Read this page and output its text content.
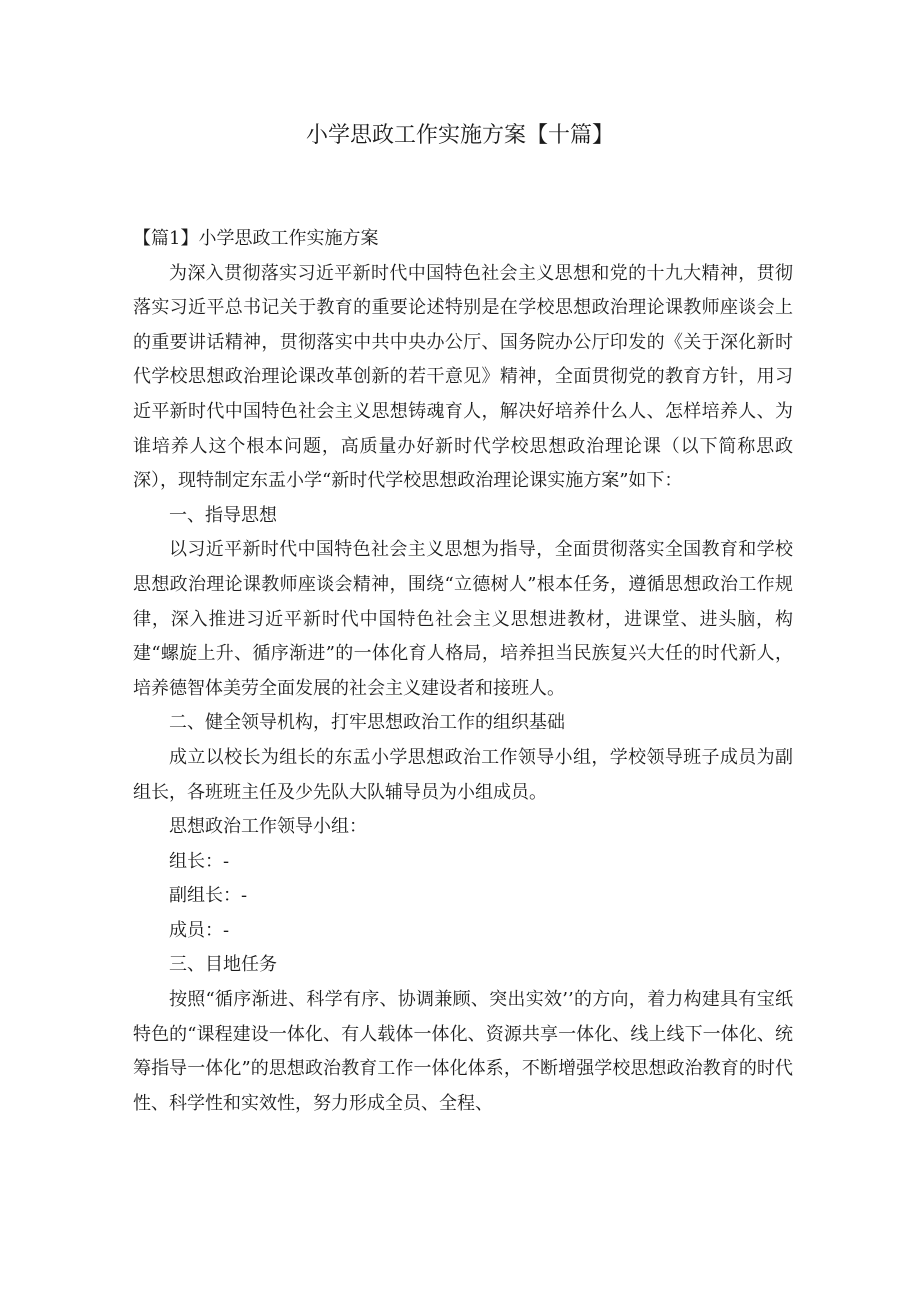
小学思政工作实施方案【十篇】

【篇1】小学思政工作实施方案

为深入贯彻落实习近平新时代中国特色社会主义思想和党的十九大精神，贯彻落实习近平总书记关于教育的重要论述特别是在学校思想政治理论课教师座谈会上的重要讲话精神，贯彻落实中共中央办公厅、国务院办公厅印发的《关于深化新时代学校思想政治理论课改革创新的若干意见》精神，全面贯彻党的教育方针，用习近平新时代中国特色社会主义思想铸魂育人，解决好培养什么人、怎样培养人、为谁培养人这个根本问题，高质量办好新时代学校思想政治理论课（以下简称思政深），现特制定东盂小学“新时代学校思想政治理论课实施方案”如下：

一、指导思想

以习近平新时代中国特色社会主义思想为指导，全面贯彻落实全国教育和学校思想政治理论课教师座谈会精神，围绕“立德树人”根本任务，遵循思想政治工作规律，深入推进习近平新时代中国特色社会主义思想进教材，进课堂、进头脑，构建“螺旋上升、循序渐进”的一体化育人格局，培养担当民族复兴大任的时代新人，培养德智体美劳全面发展的社会主义建设者和接班人。

二、健全领导机构，打牢思想政治工作的组织基础

成立以校长为组长的东盂小学思想政治工作领导小组，学校领导班子成员为副组长，各班班主任及少先队大队辅导员为小组成员。

思想政治工作领导小组：

组长：-

副组长：-

成员：-

三、目地任务

按照“循序渐进、科学有序、协调兼顾、突出实效’’的方向，着力构建具有宝纸特色的“课程建设一体化、有人载体一体化、资源共享一体化、线上线下一体化、统筹指导一体化”的思想政治教育工作一体化体系，不断增强学校思想政治教育的时代性、科学性和实效性，努力形成全员、全程、
